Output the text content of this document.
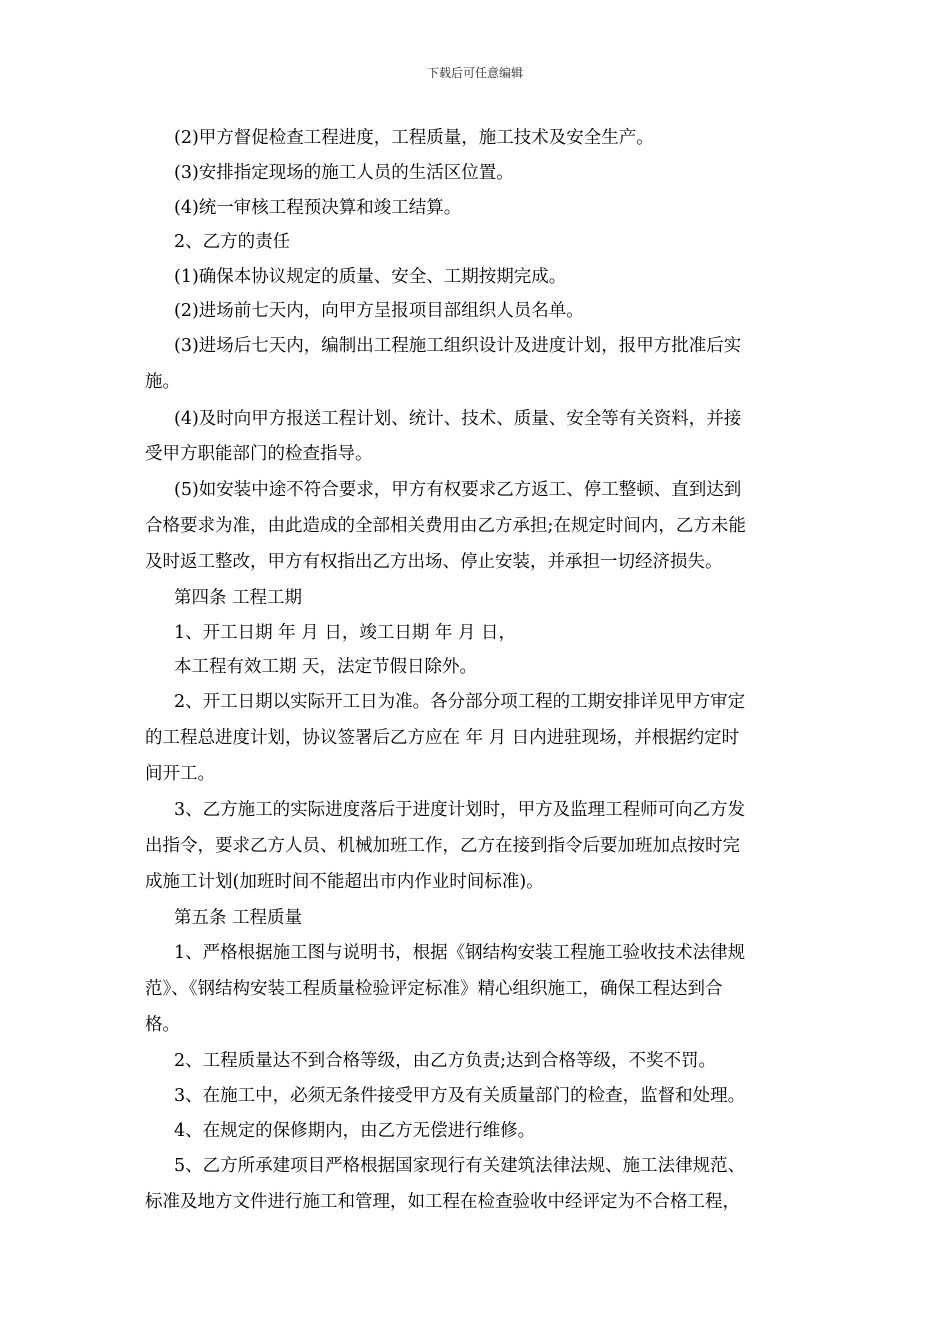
下载后可任意编辑
(2)甲方督促检查工程进度，工程质量，施工技术及安全生产。
(3)安排指定现场的施工人员的生活区位置。
(4)统一审核工程预决算和竣工结算。
2、乙方的责任
(1)确保本协议规定的质量、安全、工期按期完成。
(2)进场前七天内，向甲方呈报项目部组织人员名单。
(3)进场后七天内，编制出工程施工组织设计及进度计划，报甲方批准后实
施。
(4)及时向甲方报送工程计划、统计、技术、质量、安全等有关资料，并接
受甲方职能部门的检查指导。
(5)如安装中途不符合要求，甲方有权要求乙方返工、停工整顿、直到达到
合格要求为准，由此造成的全部相关费用由乙方承担;在规定时间内，乙方未能
及时返工整改，甲方有权指出乙方出场、停止安装，并承担一切经济损失。
第四条 工程工期
1、开工日期 年 月 日，竣工日期 年 月 日，
本工程有效工期 天，法定节假日除外。
2、开工日期以实际开工日为准。各分部分项工程的工期安排详见甲方审定
的工程总进度计划，协议签署后乙方应在 年 月 日内进驻现场，并根据约定时
间开工。
3、乙方施工的实际进度落后于进度计划时，甲方及监理工程师可向乙方发
出指令，要求乙方人员、机械加班工作，乙方在接到指令后要加班加点按时完
成施工计划(加班时间不能超出市内作业时间标准)。
第五条 工程质量
1、严格根据施工图与说明书，根据《钢结构安装工程施工验收技术法律规
范》、《钢结构安装工程质量检验评定标准》精心组织施工，确保工程达到合
格。
2、工程质量达不到合格等级，由乙方负责;达到合格等级，不奖不罚。
3、在施工中，必须无条件接受甲方及有关质量部门的检查，监督和处理。
4、在规定的保修期内，由乙方无偿进行维修。
5、乙方所承建项目严格根据国家现行有关建筑法律法规、施工法律规范、
标准及地方文件进行施工和管理，如工程在检查验收中经评定为不合格工程，
